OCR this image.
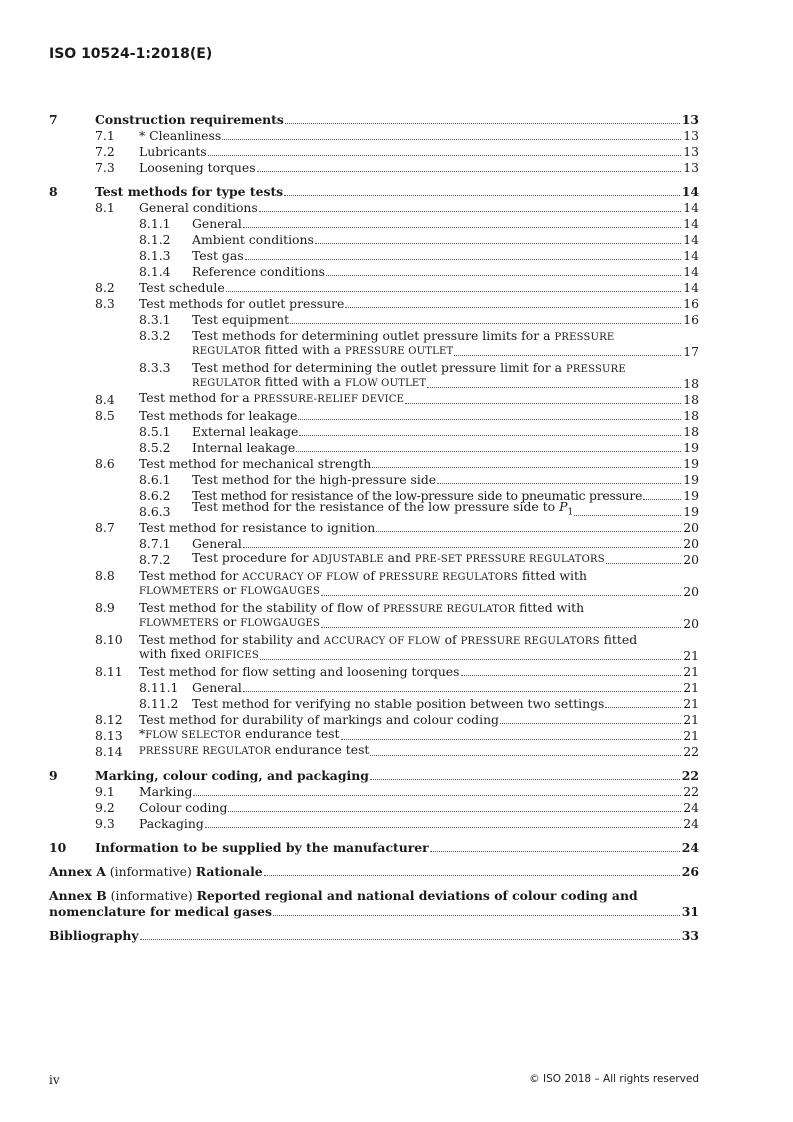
ISO 10524-1:2018(E)
7	Construction requirements	13
7.1 * Cleanliness	13
7.2 Lubricants	13
7.3 Loosening torques	13
8	Test methods for type tests	14
8.1 General conditions	14
8.1.1 General	14
8.1.2 Ambient conditions	14
8.1.3 Test gas	14
8.1.4 Reference conditions	14
8.2 Test schedule	14
8.3 Test methods for outlet pressure	16
8.3.1 Test equipment	16
8.3.2 Test methods for determining outlet pressure limits for a PRESSURE
REGULATOR fitted with a PRESSURE OUTLET	17
8.3.3 Test method for determining the outlet pressure limit for a PRESSURE
REGULATOR fitted with a FLOW OUTLET	18
8.4 Test method for a PRESSURE-RELIEF DEVICE	18
8.5 Test methods for leakage	18
8.5.1 External leakage	18
8.5.2 Internal leakage	19
8.6 Test method for mechanical strength	19
8.6.1 Test method for the high-pressure side	19
8.6.2 Test method for resistance of the low-pressure side to pneumatic pressure	19
8.6.3 Test method for the resistance of the low pressure side to $P_1$	19
8.7 Test method for resistance to ignition	20
8.7.1 General	20
8.7.2 Test procedure for ADJUSTABLE and PRE-SET PRESSURE REGULATORS	20
8.8 Test method for ACCURACY OF FLOW of PRESSURE REGULATORS fitted with
FLOWMETERS or FLOWGAUGES	20
8.9 Test method for the stability of flow of PRESSURE REGULATOR fitted with
FLOWMETERS or FLOWGAUGES	20
8.10 Test method for stability and ACCURACY OF FLOW of PRESSURE REGULATORS fitted
with fixed ORIFICES	21
8.11 Test method for flow setting and loosening torques	21
8.11.1 General	21
8.11.2 Test method for verifying no stable position between two settings	21
8.12 Test method for durability of markings and colour coding	21
8.13 *FLOW SELECTOR endurance test	21
8.14 PRESSURE REGULATOR endurance test	22
9	Marking, colour coding, and packaging	22
9.1 Marking	22
9.2 Colour coding	24
9.3 Packaging	24
10 Information to be supplied by the manufacturer	24
Annex A (informative) Rationale	26
Annex B (informative) Reported regional and national deviations of colour coding and
nomenclature for medical gases	31
Bibliography	33
iv	© ISO 2018 – All rights reserved
